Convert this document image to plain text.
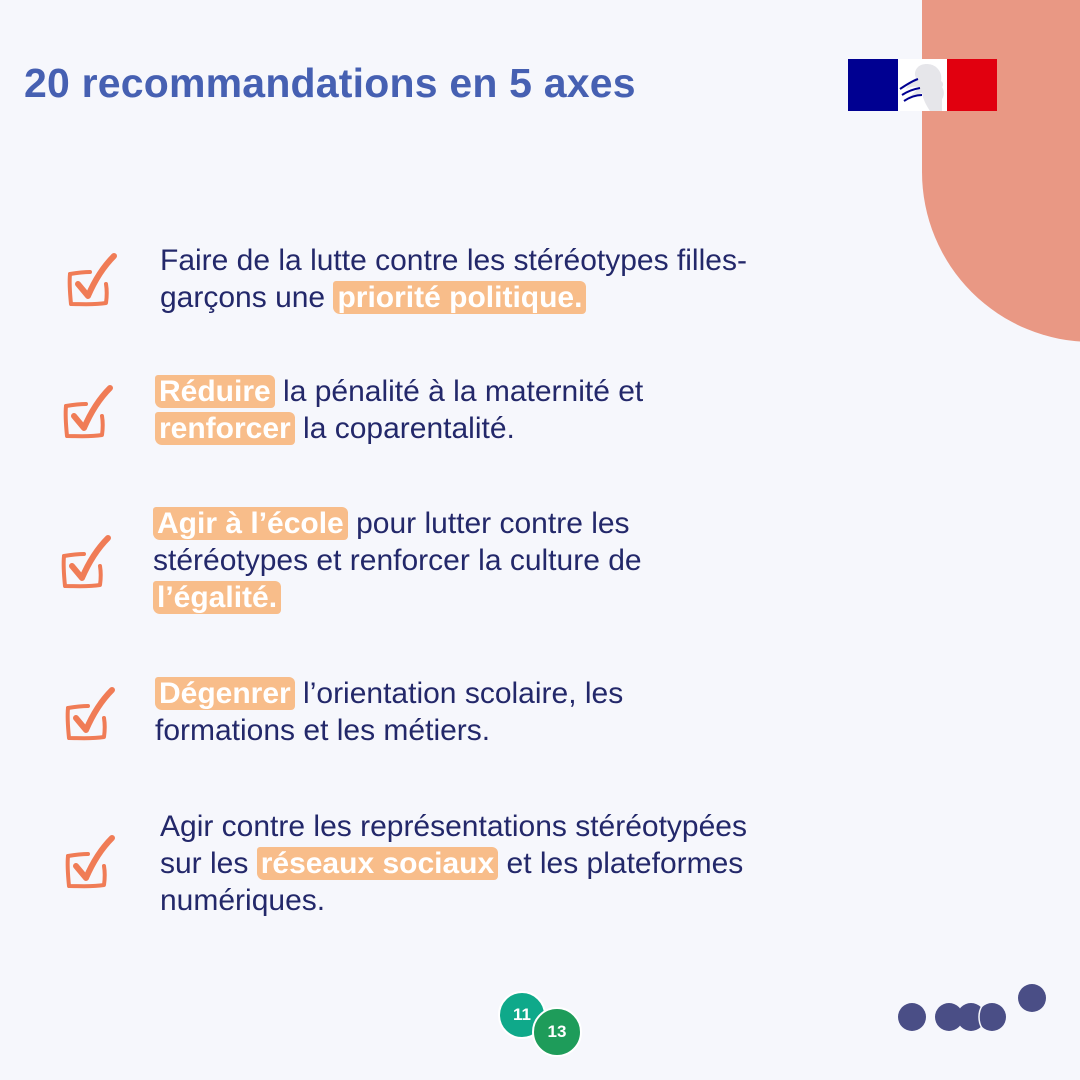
20 recommandations en 5 axes

Faire de la lutte contre les stéréotypes filles-

garçons une priorité politique.

Réduire la pénalité à la maternité et

renforcer la coparentalité.

Agir à l’école pour lutter contre les

stéréotypes et renforcer la culture de

l’égalité.

Dégenrer l’orientation scolaire, les

formations et les métiers.

Agir contre les représentations stéréotypées

sur les réseaux sociaux et les plateformes

numériques.

11
13
